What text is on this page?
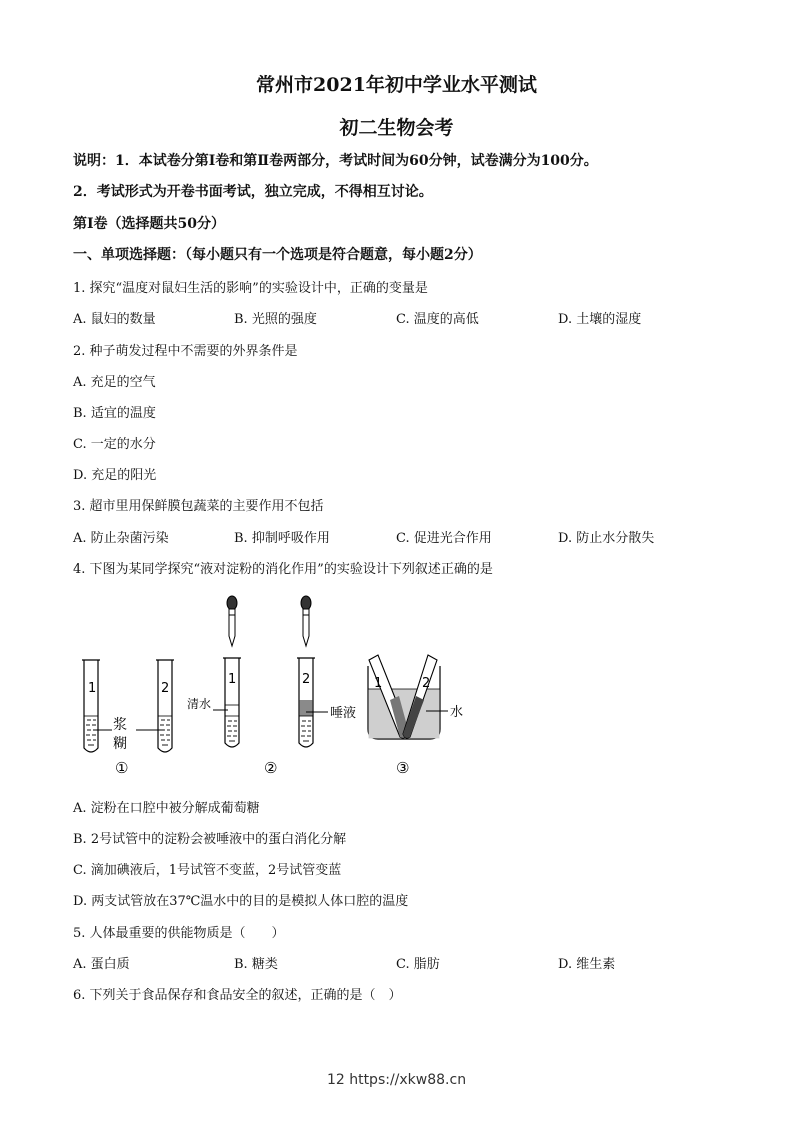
常州市2021年初中学业水平测试
初二生物会考
说明：1．本试卷分第Ⅰ卷和第Ⅱ卷两部分，考试时间为60分钟，试卷满分为100分。
2．考试形式为开卷书面考试，独立完成，不得相互讨论。
第Ⅰ卷（选择题共50分）
一、单项选择题：（每小题只有一个选项是符合题意，每小题2分）
1. 探究“温度对鼠妇生活的影响”的实验设计中，正确的变量是
A. 鼠妇的数量	B. 光照的强度	C. 温度的高低	D. 土壤的湿度
2. 种子萌发过程中不需要的外界条件是
A. 充足的空气
B. 适宜的温度
C. 一定的水分
D. 充足的阳光
3. 超市里用保鲜膜包蔬菜的主要作用不包括
A. 防止杂菌污染	B. 抑制呼吸作用	C. 促进光合作用	D. 防止水分散失
4. 下图为某同学探究“液对淀粉的消化作用”的实验设计下列叙述正确的是
1	2
浆
糊
1
清水
2
唾液
1	2
水
①	②	③
A. 淀粉在口腔中被分解成葡萄糖
B. 2号试管中的淀粉会被唾液中的蛋白消化分解
C. 滴加碘液后，1号试管不变蓝，2号试管变蓝
D. 两支试管放在37℃温水中的目的是模拟人体口腔的温度
5. 人体最重要的供能物质是（　　）
A. 蛋白质	B. 糖类	C. 脂肪	D. 维生素
6. 下列关于食品保存和食品安全的叙述，正确的是（　）
12 https://xkw88.cn
